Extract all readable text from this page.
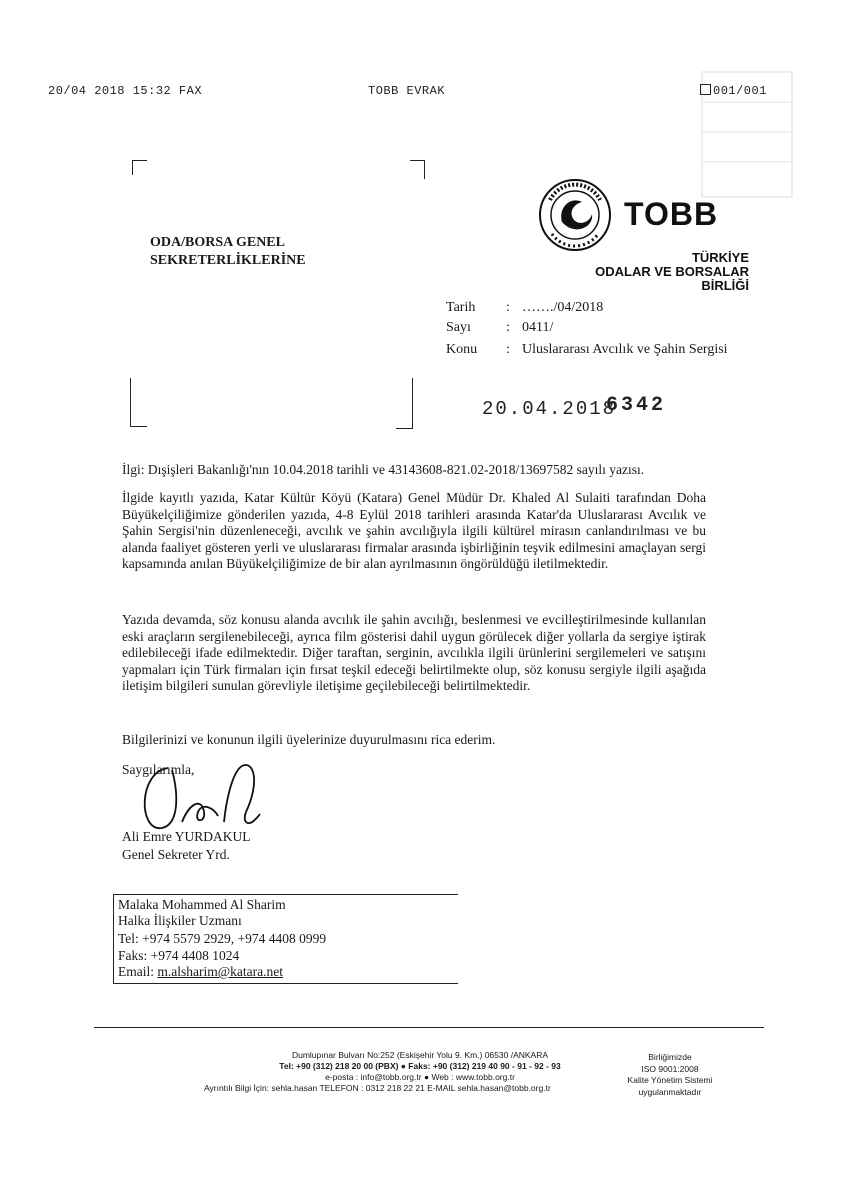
20/04 2018 15:32 FAX	TOBB EVRAK	001/001
TOBB
TÜRKİYE
ODALAR VE BORSALAR
BİRLİĞİ
ODA/BORSA GENEL
SEKRETERLİKLERİNE
Tarih : ……./04/2018
Sayı	: 0411/
Konu : Uluslararası Avcılık ve Şahin Sergisi
20.04.2018
6342
İlgi: Dışişleri Bakanlığı'nın 10.04.2018 tarihli ve 43143608-821.02-2018/13697582 sayılı yazısı.
İlgide kayıtlı yazıda, Katar Kültür Köyü (Katara) Genel Müdür Dr. Khaled Al Sulaiti tarafından Doha Büyükelçiliğimize gönderilen yazıda, 4-8 Eylül 2018 tarihleri arasında Katar'da Uluslararası Avcılık ve Şahin Sergisi'nin düzenleneceği, avcılık ve şahin avcılığıyla ilgili kültürel mirasın canlandırılması ve bu alanda faaliyet gösteren yerli ve uluslararası firmalar arasında işbirliğinin teşvik edilmesini amaçlayan sergi kapsamında anılan Büyükelçiliğimize de bir alan ayrılmasının öngörüldüğü iletilmektedir.
Yazıda devamda, söz konusu alanda avcılık ile şahin avcılığı, beslenmesi ve evcilleştirilmesinde kullanılan eski araçların sergilenebileceği, ayrıca film gösterisi dahil uygun görülecek diğer yollarla da sergiye iştirak edilebileceği ifade edilmektedir. Diğer taraftan, serginin, avcılıkla ilgili ürünlerini sergilemeleri ve satışını yapmaları için Türk firmaları için fırsat teşkil edeceği belirtilmekte olup, söz konusu sergiyle ilgili aşağıda iletişim bilgileri sunulan görevliyle iletişime geçilebileceği belirtilmektedir.
Bilgilerinizi ve konunun ilgili üyelerinize duyurulmasını rica ederim.
Saygılarımla,
Ali Emre YURDAKUL
Genel Sekreter Yrd.
Malaka Mohammed Al Sharim
Halka İlişkiler Uzmanı
Tel: +974 5579 2929, +974 4408 0999
Faks: +974 4408 1024
Email: m.alsharim@katara.net
Dumlupınar Bulvarı No:252 (Eskişehir Yolu 9. Km.) 06530 /ANKARA
Tel: +90 (312) 218 20 00 (PBX) ● Faks: +90 (312) 219 40 90 - 91 - 92 - 93
e-posta : info@tobb.org.tr ● Web : www.tobb.org.tr
Ayrıntılı Bilgi İçin: sehla.hasan TELEFON : 0312 218 22 21 E-MAIL sehla.hasan@tobb.org.tr
Birliğimizde
ISO 9001:2008
Kalite Yönetim Sistemi
uygulanmaktadır
